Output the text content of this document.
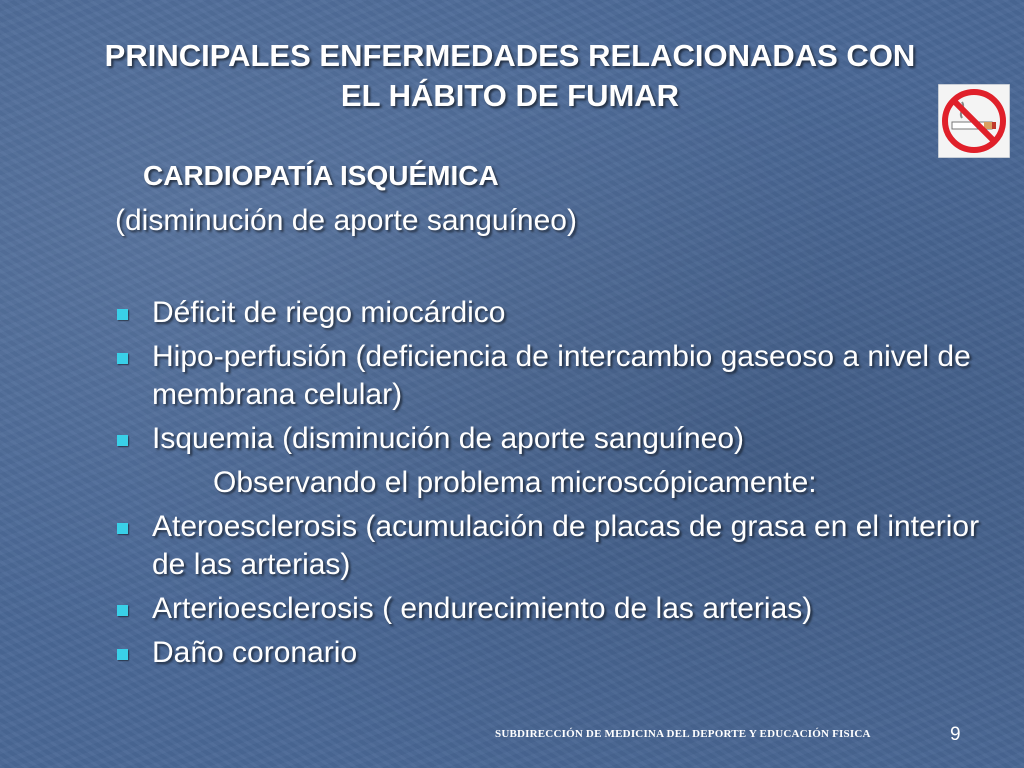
PRINCIPALES ENFERMEDADES RELACIONADAS CON
EL HÁBITO DE FUMAR
CARDIOPATÍA ISQUÉMICA
(disminución de aporte sanguíneo)
Déficit de riego miocárdico
Hipo-perfusión (deficiencia de intercambio gaseoso a nivel de membrana celular)
Isquemia (disminución de aporte sanguíneo)
Observando el problema microscópicamente:
Ateroesclerosis (acumulación de placas de grasa en el interior de las arterias)
Arterioesclerosis ( endurecimiento de las arterias)
Daño coronario
SUBDIRECCIÓN DE MEDICINA DEL DEPORTE Y EDUCACIÓN FISICA	9
